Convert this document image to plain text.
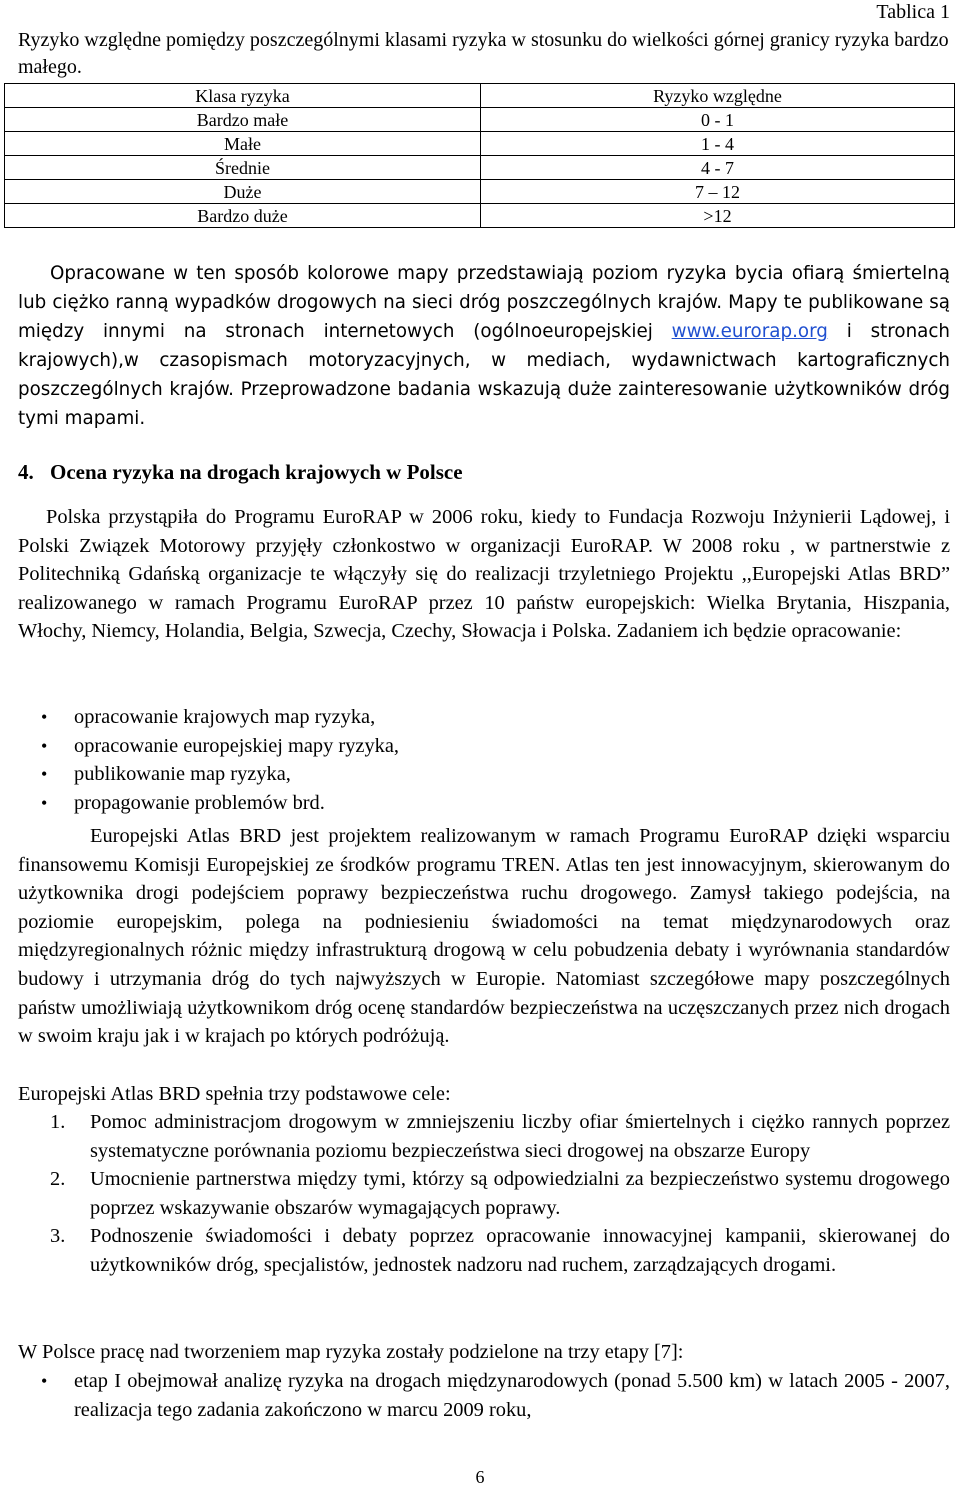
Tablica 1

Ryzyko względne pomiędzy poszczególnymi klasami ryzyka w stosunku do wielkości górnej granicy ryzyka bardzo małego.

Klasa ryzyka	Ryzyko względne
Bardzo małe	0 - 1
Małe	1 - 4
Średnie	4 - 7
Duże	7 – 12
Bardzo duże	>12

Opracowane w ten sposób kolorowe mapy przedstawiają poziom ryzyka bycia ofiarą śmiertelną lub ciężko ranną wypadków drogowych na sieci dróg poszczególnych krajów. Mapy te publikowane są między innymi na stronach internetowych (ogólnoeuropejskiej www.eurorap.org i stronach krajowych),w czasopismach motoryzacyjnych, w mediach, wydawnictwach kartograficznych poszczególnych krajów. Przeprowadzone badania wskazują duże zainteresowanie użytkowników dróg tymi mapami.

4. Ocena ryzyka na drogach krajowych w Polsce

Polska przystąpiła do Programu EuroRAP w 2006 roku, kiedy to Fundacja Rozwoju Inżynierii Lądowej, i Polski Związek Motorowy przyjęły członkostwo w organizacji EuroRAP. W 2008 roku , w partnerstwie z Politechniką Gdańską organizacje te włączyły się do realizacji trzyletniego Projektu ,,Europejski Atlas BRD” realizowanego w ramach Programu EuroRAP przez 10 państw europejskich: Wielka Brytania, Hiszpania, Włochy, Niemcy, Holandia, Belgia, Szwecja, Czechy, Słowacja i Polska. Zadaniem ich będzie opracowanie:

• opracowanie krajowych map ryzyka,
• opracowanie europejskiej mapy ryzyka,
• publikowanie map ryzyka,
• propagowanie problemów brd.

Europejski Atlas BRD jest projektem realizowanym w ramach Programu EuroRAP dzięki wsparciu finansowemu Komisji Europejskiej ze środków programu TREN. Atlas ten jest innowacyjnym, skierowanym do użytkownika drogi podejściem poprawy bezpieczeństwa ruchu drogowego. Zamysł takiego podejścia, na poziomie europejskim, polega na podniesieniu świadomości na temat międzynarodowych oraz międzyregionalnych różnic między infrastrukturą drogową w celu pobudzenia debaty i wyrównania standardów budowy i utrzymania dróg do tych najwyższych w Europie. Natomiast szczegółowe mapy poszczególnych państw umożliwiają użytkownikom dróg ocenę standardów bezpieczeństwa na uczęszczanych przez nich drogach w swoim kraju jak i w krajach po których podróżują.

Europejski Atlas BRD spełnia trzy podstawowe cele:

1. Pomoc administracjom drogowym w zmniejszeniu liczby ofiar śmiertelnych i ciężko rannych poprzez systematyczne porównania poziomu bezpieczeństwa sieci drogowej na obszarze Europy
2. Umocnienie partnerstwa między tymi, którzy są odpowiedzialni za bezpieczeństwo systemu drogowego poprzez wskazywanie obszarów wymagających poprawy.
3. Podnoszenie świadomości i debaty poprzez opracowanie innowacyjnej kampanii, skierowanej do użytkowników dróg, specjalistów, jednostek nadzoru nad ruchem, zarządzających drogami.

W Polsce pracę nad tworzeniem map ryzyka zostały podzielone na trzy etapy [7]:

• etap I obejmował analizę ryzyka na drogach międzynarodowych (ponad 5.500 km) w latach 2005 - 2007, realizacja tego zadania zakończono w marcu 2009 roku,
6
